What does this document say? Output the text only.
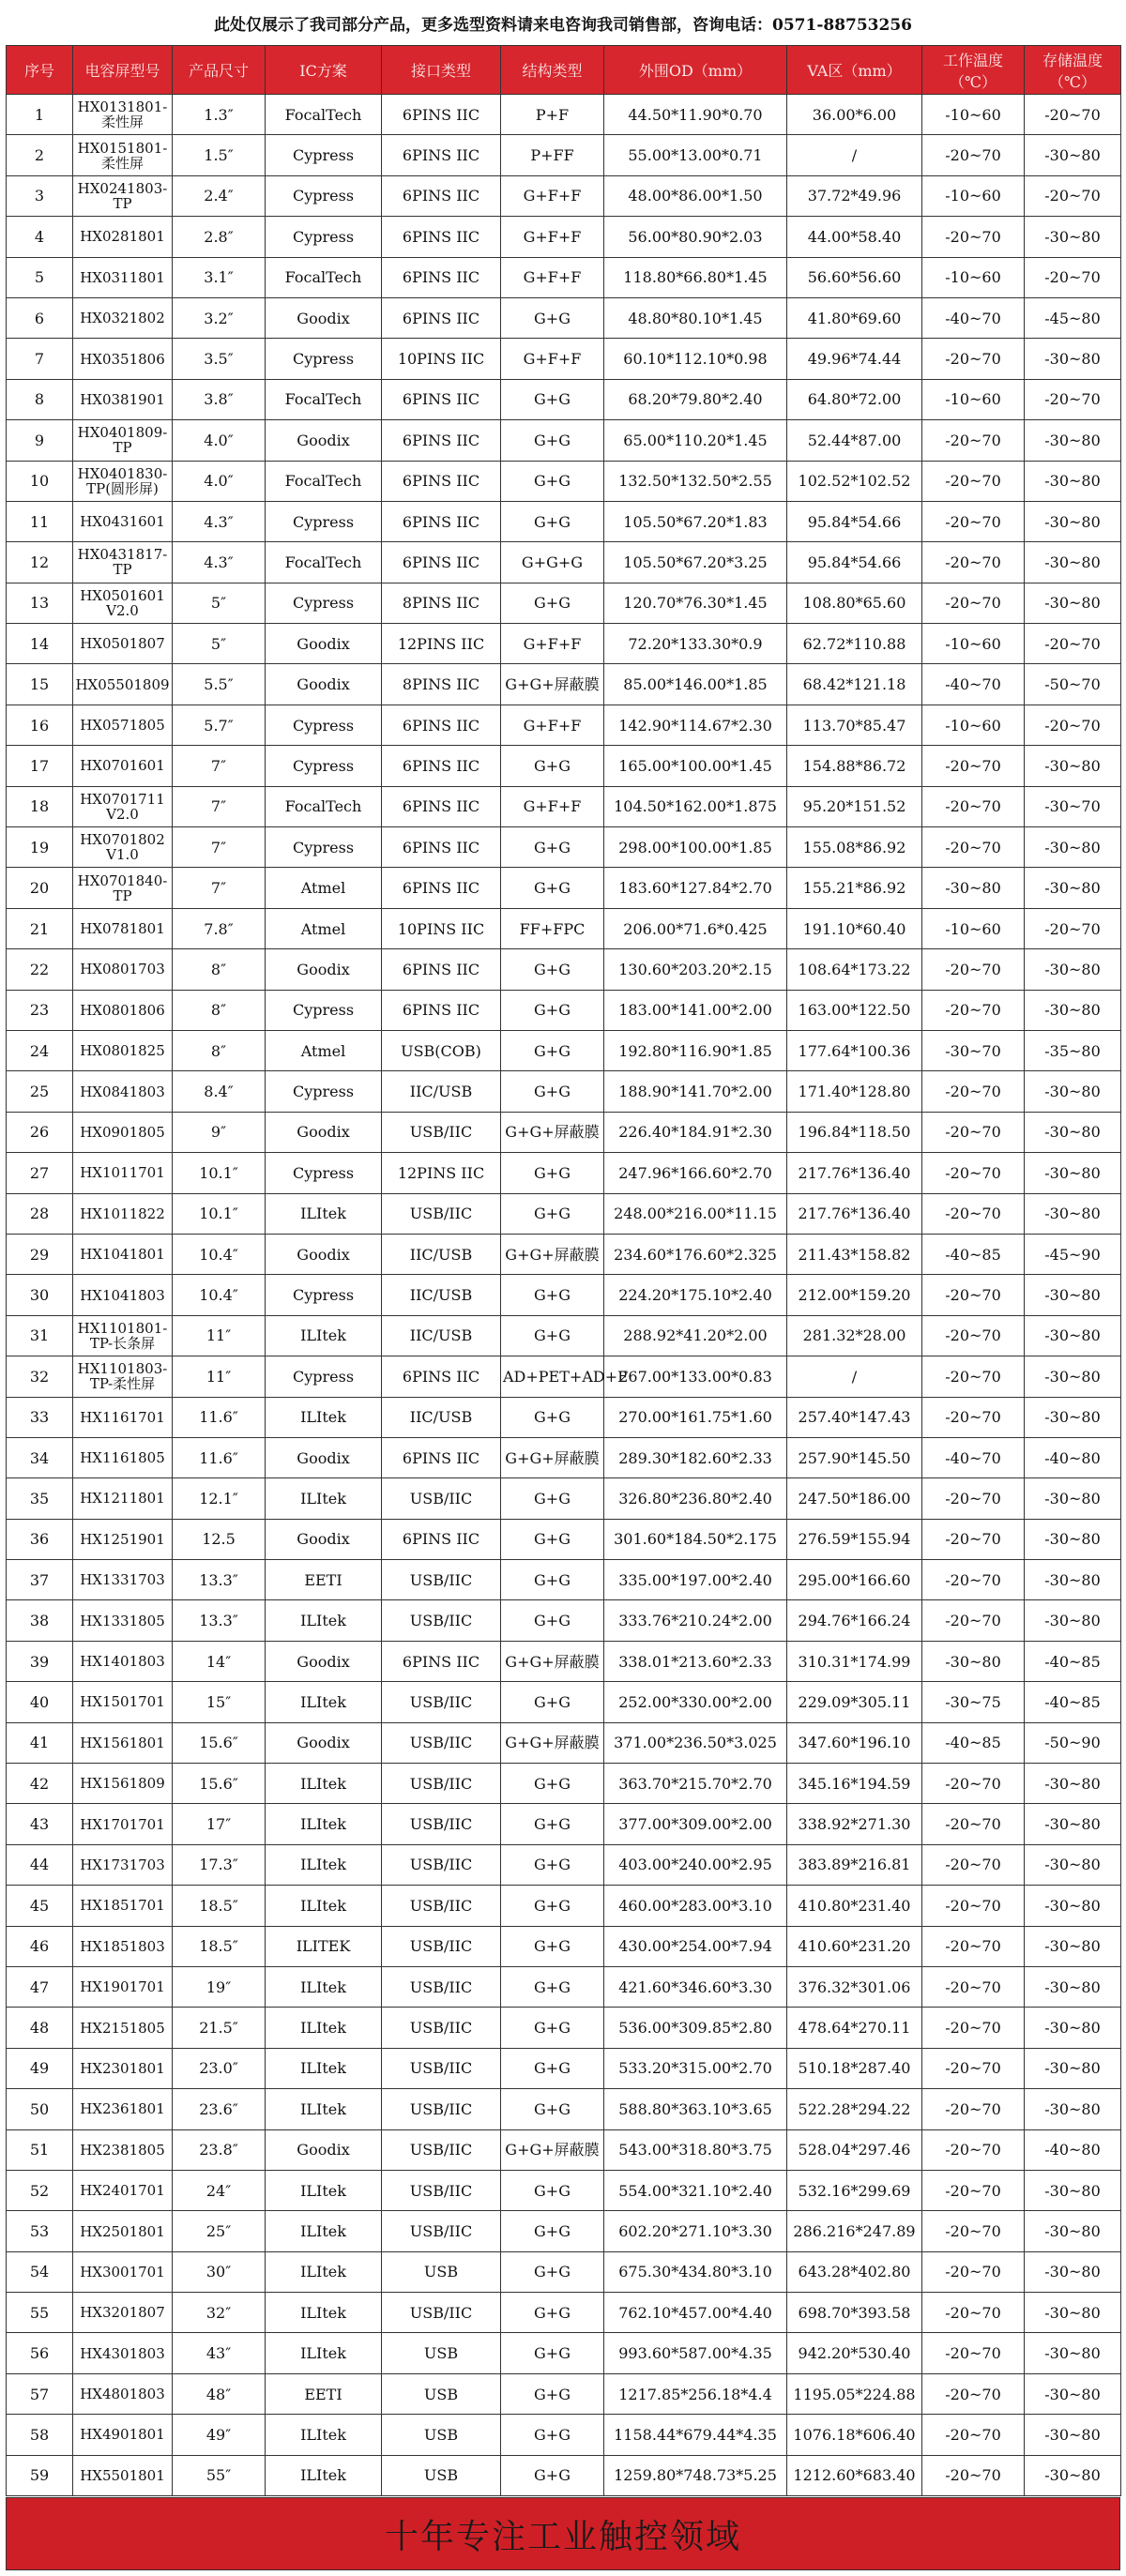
此处仅展示了我司部分产品，更多选型资料请来电咨询我司销售部，咨询电话：0571-88753256
序号	电容屏型号	产品尺寸	IC方案	接口类型	结构类型	外围OD（mm）	VA区（mm）	工作温度（℃）	存储温度（℃）
1	HX0131801-柔性屏	1.3″	FocalTech	6PINS IIC	P+F	44.50*11.90*0.70	36.00*6.00	-10~60	-20~70
2	HX0151801-柔性屏	1.5″	Cypress	6PINS IIC	P+FF	55.00*13.00*0.71	/	-20~70	-30~80
3	HX0241803-TP	2.4″	Cypress	6PINS IIC	G+F+F	48.00*86.00*1.50	37.72*49.96	-10~60	-20~70
4	HX0281801	2.8″	Cypress	6PINS IIC	G+F+F	56.00*80.90*2.03	44.00*58.40	-20~70	-30~80
5	HX0311801	3.1″	FocalTech	6PINS IIC	G+F+F	118.80*66.80*1.45	56.60*56.60	-10~60	-20~70
6	HX0321802	3.2″	Goodix	6PINS IIC	G+G	48.80*80.10*1.45	41.80*69.60	-40~70	-45~80
7	HX0351806	3.5″	Cypress	10PINS IIC	G+F+F	60.10*112.10*0.98	49.96*74.44	-20~70	-30~80
8	HX0381901	3.8″	FocalTech	6PINS IIC	G+G	68.20*79.80*2.40	64.80*72.00	-10~60	-20~70
9	HX0401809-TP	4.0″	Goodix	6PINS IIC	G+G	65.00*110.20*1.45	52.44*87.00	-20~70	-30~80
10	HX0401830-TP(圆形屏)	4.0″	FocalTech	6PINS IIC	G+G	132.50*132.50*2.55	102.52*102.52	-20~70	-30~80
11	HX0431601	4.3″	Cypress	6PINS IIC	G+G	105.50*67.20*1.83	95.84*54.66	-20~70	-30~80
12	HX0431817-TP	4.3″	FocalTech	6PINS IIC	G+G+G	105.50*67.20*3.25	95.84*54.66	-20~70	-30~80
13	HX0501601 V2.0	5″	Cypress	8PINS IIC	G+G	120.70*76.30*1.45	108.80*65.60	-20~70	-30~80
14	HX0501807	5″	Goodix	12PINS IIC	G+F+F	72.20*133.30*0.9	62.72*110.88	-10~60	-20~70
15	HX05501809	5.5″	Goodix	8PINS IIC	G+G+屏蔽膜	85.00*146.00*1.85	68.42*121.18	-40~70	-50~70
16	HX0571805	5.7″	Cypress	6PINS IIC	G+F+F	142.90*114.67*2.30	113.70*85.47	-10~60	-20~70
17	HX0701601	7″	Cypress	6PINS IIC	G+G	165.00*100.00*1.45	154.88*86.72	-20~70	-30~80
18	HX0701711 V2.0	7″	FocalTech	6PINS IIC	G+F+F	104.50*162.00*1.875	95.20*151.52	-20~70	-30~70
19	HX0701802 V1.0	7″	Cypress	6PINS IIC	G+G	298.00*100.00*1.85	155.08*86.92	-20~70	-30~80
20	HX0701840-TP	7″	Atmel	6PINS IIC	G+G	183.60*127.84*2.70	155.21*86.92	-30~80	-30~80
21	HX0781801	7.8″	Atmel	10PINS IIC	FF+FPC	206.00*71.6*0.425	191.10*60.40	-10~60	-20~70
22	HX0801703	8″	Goodix	6PINS IIC	G+G	130.60*203.20*2.15	108.64*173.22	-20~70	-30~80
23	HX0801806	8″	Cypress	6PINS IIC	G+G	183.00*141.00*2.00	163.00*122.50	-20~70	-30~80
24	HX0801825	8″	Atmel	USB(COB)	G+G	192.80*116.90*1.85	177.64*100.36	-30~70	-35~80
25	HX0841803	8.4″	Cypress	IIC/USB	G+G	188.90*141.70*2.00	171.40*128.80	-20~70	-30~80
26	HX0901805	9″	Goodix	USB/IIC	G+G+屏蔽膜	226.40*184.91*2.30	196.84*118.50	-20~70	-30~80
27	HX1011701	10.1″	Cypress	12PINS IIC	G+G	247.96*166.60*2.70	217.76*136.40	-20~70	-30~80
28	HX1011822	10.1″	ILItek	USB/IIC	G+G	248.00*216.00*11.15	217.76*136.40	-20~70	-30~80
29	HX1041801	10.4″	Goodix	IIC/USB	G+G+屏蔽膜	234.60*176.60*2.325	211.43*158.82	-40~85	-45~90
30	HX1041803	10.4″	Cypress	IIC/USB	G+G	224.20*175.10*2.40	212.00*159.20	-20~70	-30~80
31	HX1101801-TP-长条屏	11″	ILItek	IIC/USB	G+G	288.92*41.20*2.00	281.32*28.00	-20~70	-30~80
32	HX1101803-TP-柔性屏	11″	Cypress	6PINS IIC	AD+PET+AD+F	267.00*133.00*0.83	/	-20~70	-30~80
33	HX1161701	11.6″	ILItek	IIC/USB	G+G	270.00*161.75*1.60	257.40*147.43	-20~70	-30~80
34	HX1161805	11.6″	Goodix	6PINS IIC	G+G+屏蔽膜	289.30*182.60*2.33	257.90*145.50	-40~70	-40~80
35	HX1211801	12.1″	ILItek	USB/IIC	G+G	326.80*236.80*2.40	247.50*186.00	-20~70	-30~80
36	HX1251901	12.5	Goodix	6PINS IIC	G+G	301.60*184.50*2.175	276.59*155.94	-20~70	-30~80
37	HX1331703	13.3″	EETI	USB/IIC	G+G	335.00*197.00*2.40	295.00*166.60	-20~70	-30~80
38	HX1331805	13.3″	ILItek	USB/IIC	G+G	333.76*210.24*2.00	294.76*166.24	-20~70	-30~80
39	HX1401803	14″	Goodix	6PINS IIC	G+G+屏蔽膜	338.01*213.60*2.33	310.31*174.99	-30~80	-40~85
40	HX1501701	15″	ILItek	USB/IIC	G+G	252.00*330.00*2.00	229.09*305.11	-30~75	-40~85
41	HX1561801	15.6″	Goodix	USB/IIC	G+G+屏蔽膜	371.00*236.50*3.025	347.60*196.10	-40~85	-50~90
42	HX1561809	15.6″	ILItek	USB/IIC	G+G	363.70*215.70*2.70	345.16*194.59	-20~70	-30~80
43	HX1701701	17″	ILItek	USB/IIC	G+G	377.00*309.00*2.00	338.92*271.30	-20~70	-30~80
44	HX1731703	17.3″	ILItek	USB/IIC	G+G	403.00*240.00*2.95	383.89*216.81	-20~70	-30~80
45	HX1851701	18.5″	ILItek	USB/IIC	G+G	460.00*283.00*3.10	410.80*231.40	-20~70	-30~80
46	HX1851803	18.5″	ILITEK	USB/IIC	G+G	430.00*254.00*7.94	410.60*231.20	-20~70	-30~80
47	HX1901701	19″	ILItek	USB/IIC	G+G	421.60*346.60*3.30	376.32*301.06	-20~70	-30~80
48	HX2151805	21.5″	ILItek	USB/IIC	G+G	536.00*309.85*2.80	478.64*270.11	-20~70	-30~80
49	HX2301801	23.0″	ILItek	USB/IIC	G+G	533.20*315.00*2.70	510.18*287.40	-20~70	-30~80
50	HX2361801	23.6″	ILItek	USB/IIC	G+G	588.80*363.10*3.65	522.28*294.22	-20~70	-30~80
51	HX2381805	23.8″	Goodix	USB/IIC	G+G+屏蔽膜	543.00*318.80*3.75	528.04*297.46	-20~70	-40~80
52	HX2401701	24″	ILItek	USB/IIC	G+G	554.00*321.10*2.40	532.16*299.69	-20~70	-30~80
53	HX2501801	25″	ILItek	USB/IIC	G+G	602.20*271.10*3.30	286.216*247.89	-20~70	-30~80
54	HX3001701	30″	ILItek	USB	G+G	675.30*434.80*3.10	643.28*402.80	-20~70	-30~80
55	HX3201807	32″	ILItek	USB/IIC	G+G	762.10*457.00*4.40	698.70*393.58	-20~70	-30~80
56	HX4301803	43″	ILItek	USB	G+G	993.60*587.00*4.35	942.20*530.40	-20~70	-30~80
57	HX4801803	48″	EETI	USB	G+G	1217.85*256.18*4.4	1195.05*224.88	-20~70	-30~80
58	HX4901801	49″	ILItek	USB	G+G	1158.44*679.44*4.35	1076.18*606.40	-20~70	-30~80
59	HX5501801	55″	ILItek	USB	G+G	1259.80*748.73*5.25	1212.60*683.40	-20~70	-30~80
十年专注工业触控领域
